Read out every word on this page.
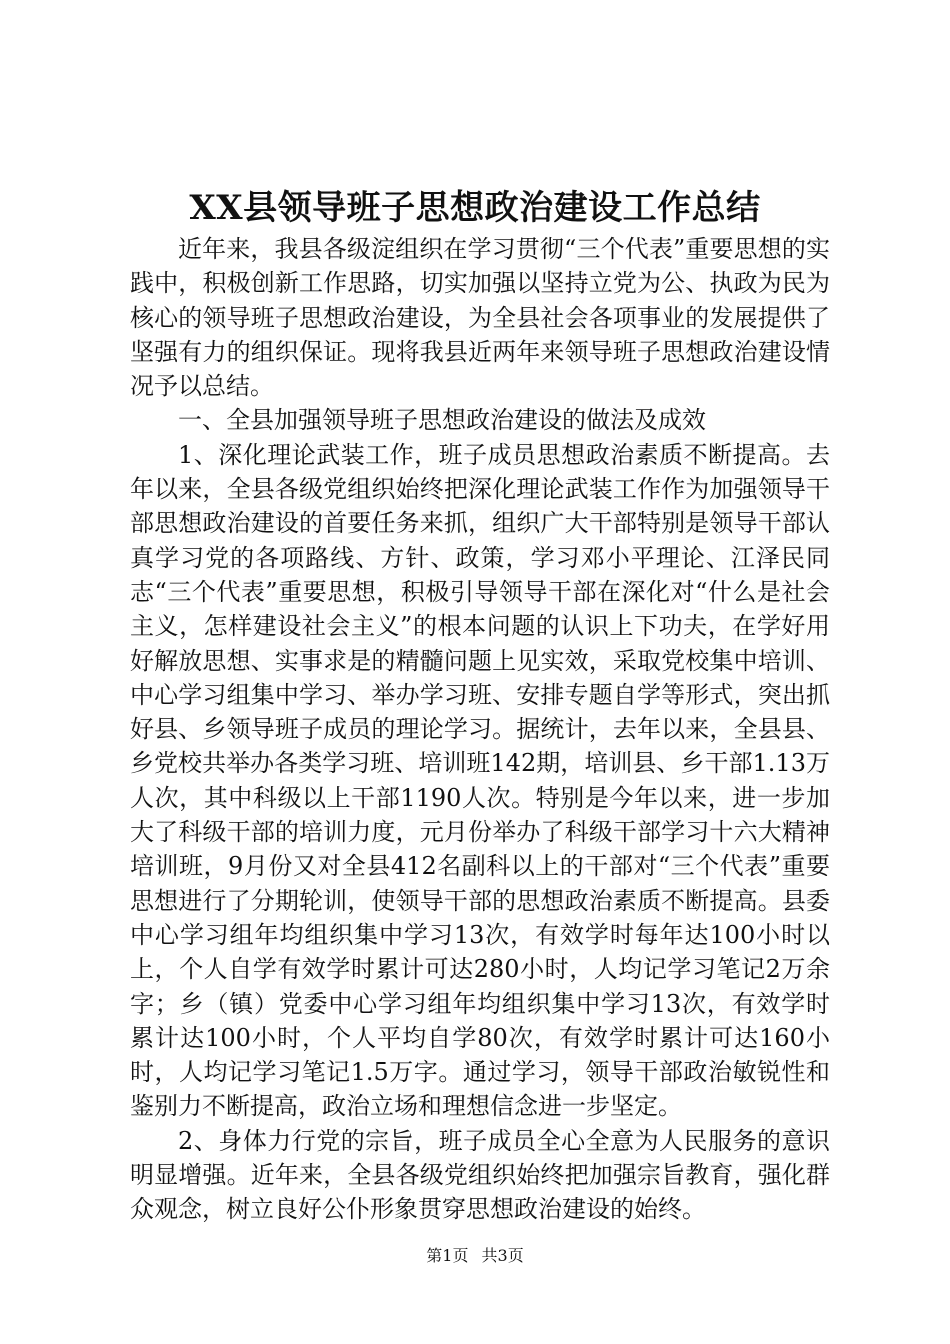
XX县领导班子思想政治建设工作总结

近年来，我县各级淀组织在学习贯彻“三个代表”重要思想的实践中，积极创新工作思路，切实加强以坚持立党为公、执政为民为核心的领导班子思想政治建设，为全县社会各项事业的发展提供了坚强有力的组织保证。现将我县近两年来领导班子思想政治建设情况予以总结。

一、全县加强领导班子思想政治建设的做法及成效

1、深化理论武装工作，班子成员思想政治素质不断提高。去年以来，全县各级党组织始终把深化理论武装工作作为加强领导干部思想政治建设的首要任务来抓，组织广大干部特别是领导干部认真学习党的各项路线、方针、政策，学习邓小平理论、江泽民同志“三个代表”重要思想，积极引导领导干部在深化对“什么是社会主义，怎样建设社会主义”的根本问题的认识上下功夫，在学好用好解放思想、实事求是的精髓问题上见实效，采取党校集中培训、中心学习组集中学习、举办学习班、安排专题自学等形式，突出抓好县、乡领导班子成员的理论学习。据统计，去年以来，全县县、乡党校共举办各类学习班、培训班142期，培训县、乡干部1.13万人次，其中科级以上干部1190人次。特别是今年以来，进一步加大了科级干部的培训力度，元月份举办了科级干部学习十六大精神培训班，9月份又对全县412名副科以上的干部对“三个代表”重要思想进行了分期轮训，使领导干部的思想政治素质不断提高。县委中心学习组年均组织集中学习13次，有效学时每年达100小时以上，个人自学有效学时累计可达280小时，人均记学习笔记2万余字；乡（镇）党委中心学习组年均组织集中学习13次，有效学时累计达100小时，个人平均自学80次，有效学时累计可达160小时，人均记学习笔记1.5万字。通过学习，领导干部政治敏锐性和鉴别力不断提高，政治立场和理想信念进一步坚定。

2、身体力行党的宗旨，班子成员全心全意为人民服务的意识明显增强。近年来，全县各级党组织始终把加强宗旨教育，强化群众观念，树立良好公仆形象贯穿思想政治建设的始终。

第1页 共3页
